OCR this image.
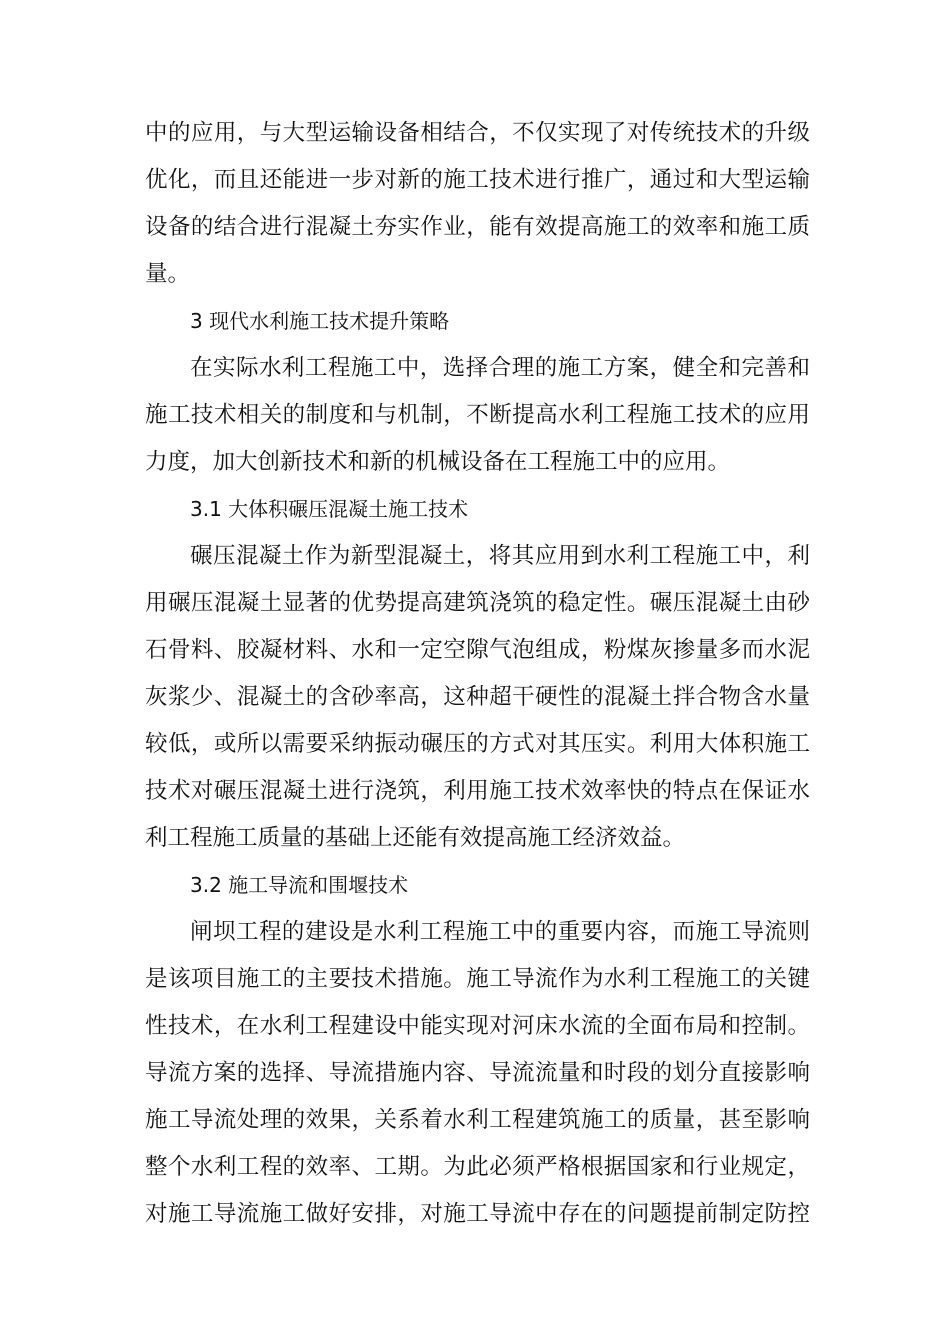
中的应用，与大型运输设备相结合，不仅实现了对传统技术的升级
优化，而且还能进一步对新的施工技术进行推广，通过和大型运输
设备的结合进行混凝土夯实作业，能有效提高施工的效率和施工质
量。
3 现代水利施工技术提升策略
在实际水利工程施工中，选择合理的施工方案，健全和完善和
施工技术相关的制度和与机制，不断提高水利工程施工技术的应用
力度，加大创新技术和新的机械设备在工程施工中的应用。
3.1 大体积碾压混凝土施工技术
碾压混凝土作为新型混凝土，将其应用到水利工程施工中，利
用碾压混凝土显著的优势提高建筑浇筑的稳定性。碾压混凝土由砂
石骨料、胶凝材料、水和一定空隙气泡组成，粉煤灰掺量多而水泥
灰浆少、混凝土的含砂率高，这种超干硬性的混凝土拌合物含水量
较低，或所以需要采纳振动碾压的方式对其压实。利用大体积施工
技术对碾压混凝土进行浇筑，利用施工技术效率快的特点在保证水
利工程施工质量的基础上还能有效提高施工经济效益。
3.2 施工导流和围堰技术
闸坝工程的建设是水利工程施工中的重要内容，而施工导流则
是该项目施工的主要技术措施。施工导流作为水利工程施工的关键
性技术，在水利工程建设中能实现对河床水流的全面布局和控制。
导流方案的选择、导流措施内容、导流流量和时段的划分直接影响
施工导流处理的效果，关系着水利工程建筑施工的质量，甚至影响
整个水利工程的效率、工期。为此必须严格根据国家和行业规定，
对施工导流施工做好安排，对施工导流中存在的问题提前制定防控
